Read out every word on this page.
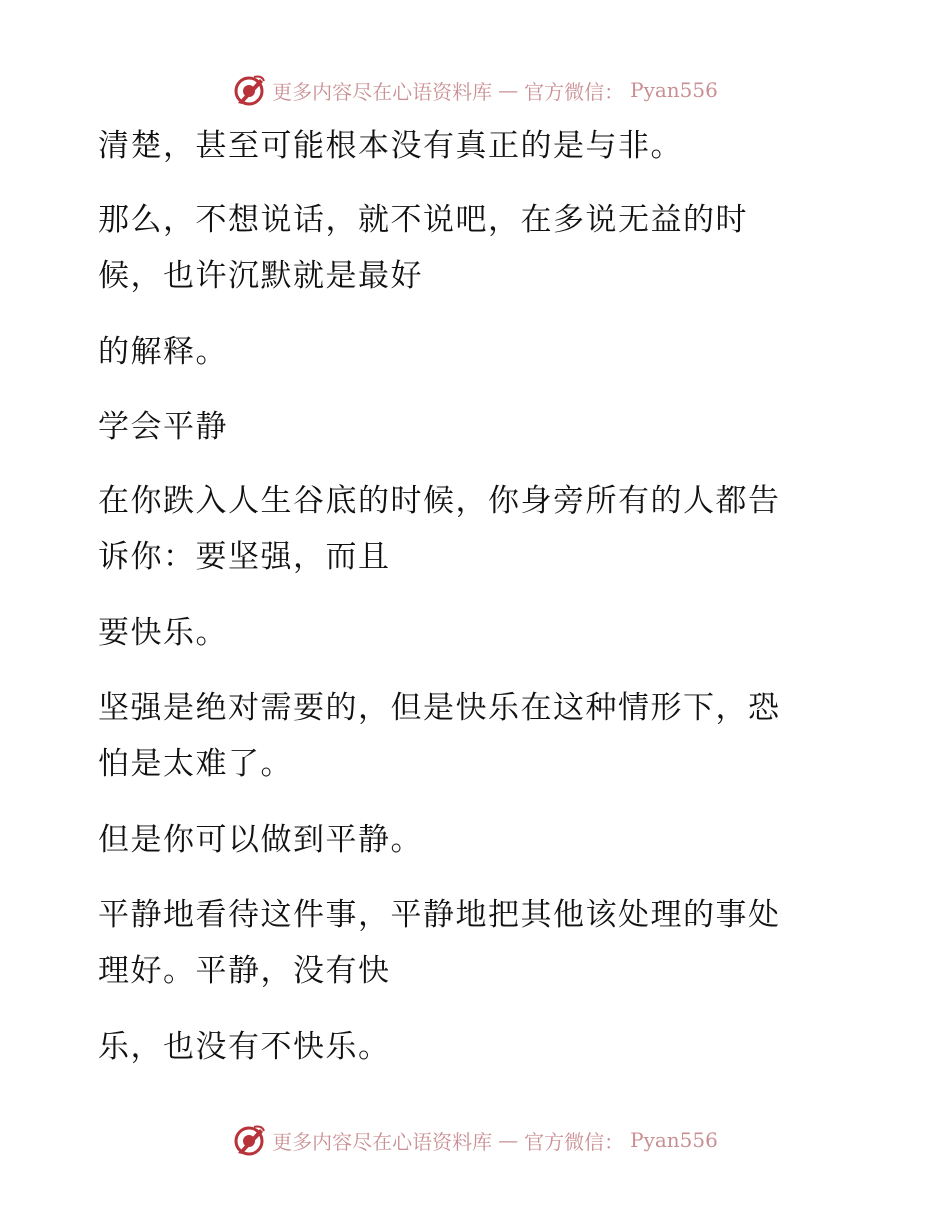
更多内容尽在心语资料库 — 官方微信： Pyan556
清楚，甚至可能根本没有真正的是与非。
那么，不想说话，就不说吧，在多说无益的时
候，也许沉默就是最好
的解释。
学会平静
在你跌入人生谷底的时候，你身旁所有的人都告
诉你：要坚强，而且
要快乐。
坚强是绝对需要的，但是快乐在这种情形下，恐
怕是太难了。
但是你可以做到平静。
平静地看待这件事，平静地把其他该处理的事处
理好。平静，没有快
乐，也没有不快乐。
更多内容尽在心语资料库 — 官方微信： Pyan556
